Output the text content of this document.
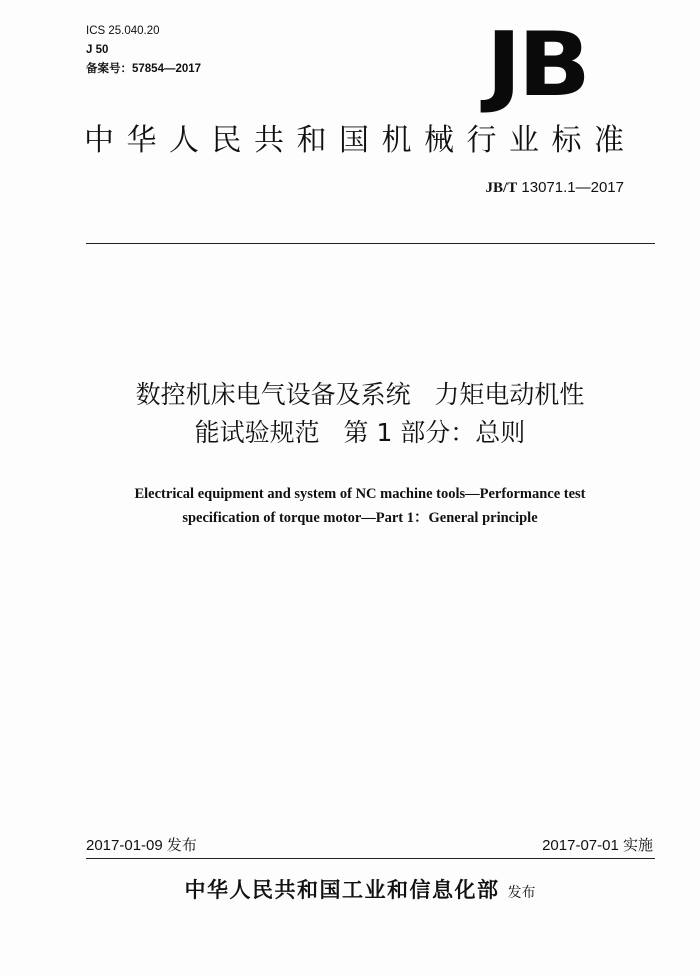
ICS 25.040.20
J 50
备案号：57854—2017	JB
中华人民共和国机械行业标准
JB/T 13071.1—2017
数控机床电气设备及系统   力矩电动机性
能试验规范   第 1 部分：总则
Electrical equipment and system of NC machine tools—Performance test
specification of torque motor—Part 1：General principle
2017-01-09 发布	2017-07-01 实施
中华人民共和国工业和信息化部 发布
